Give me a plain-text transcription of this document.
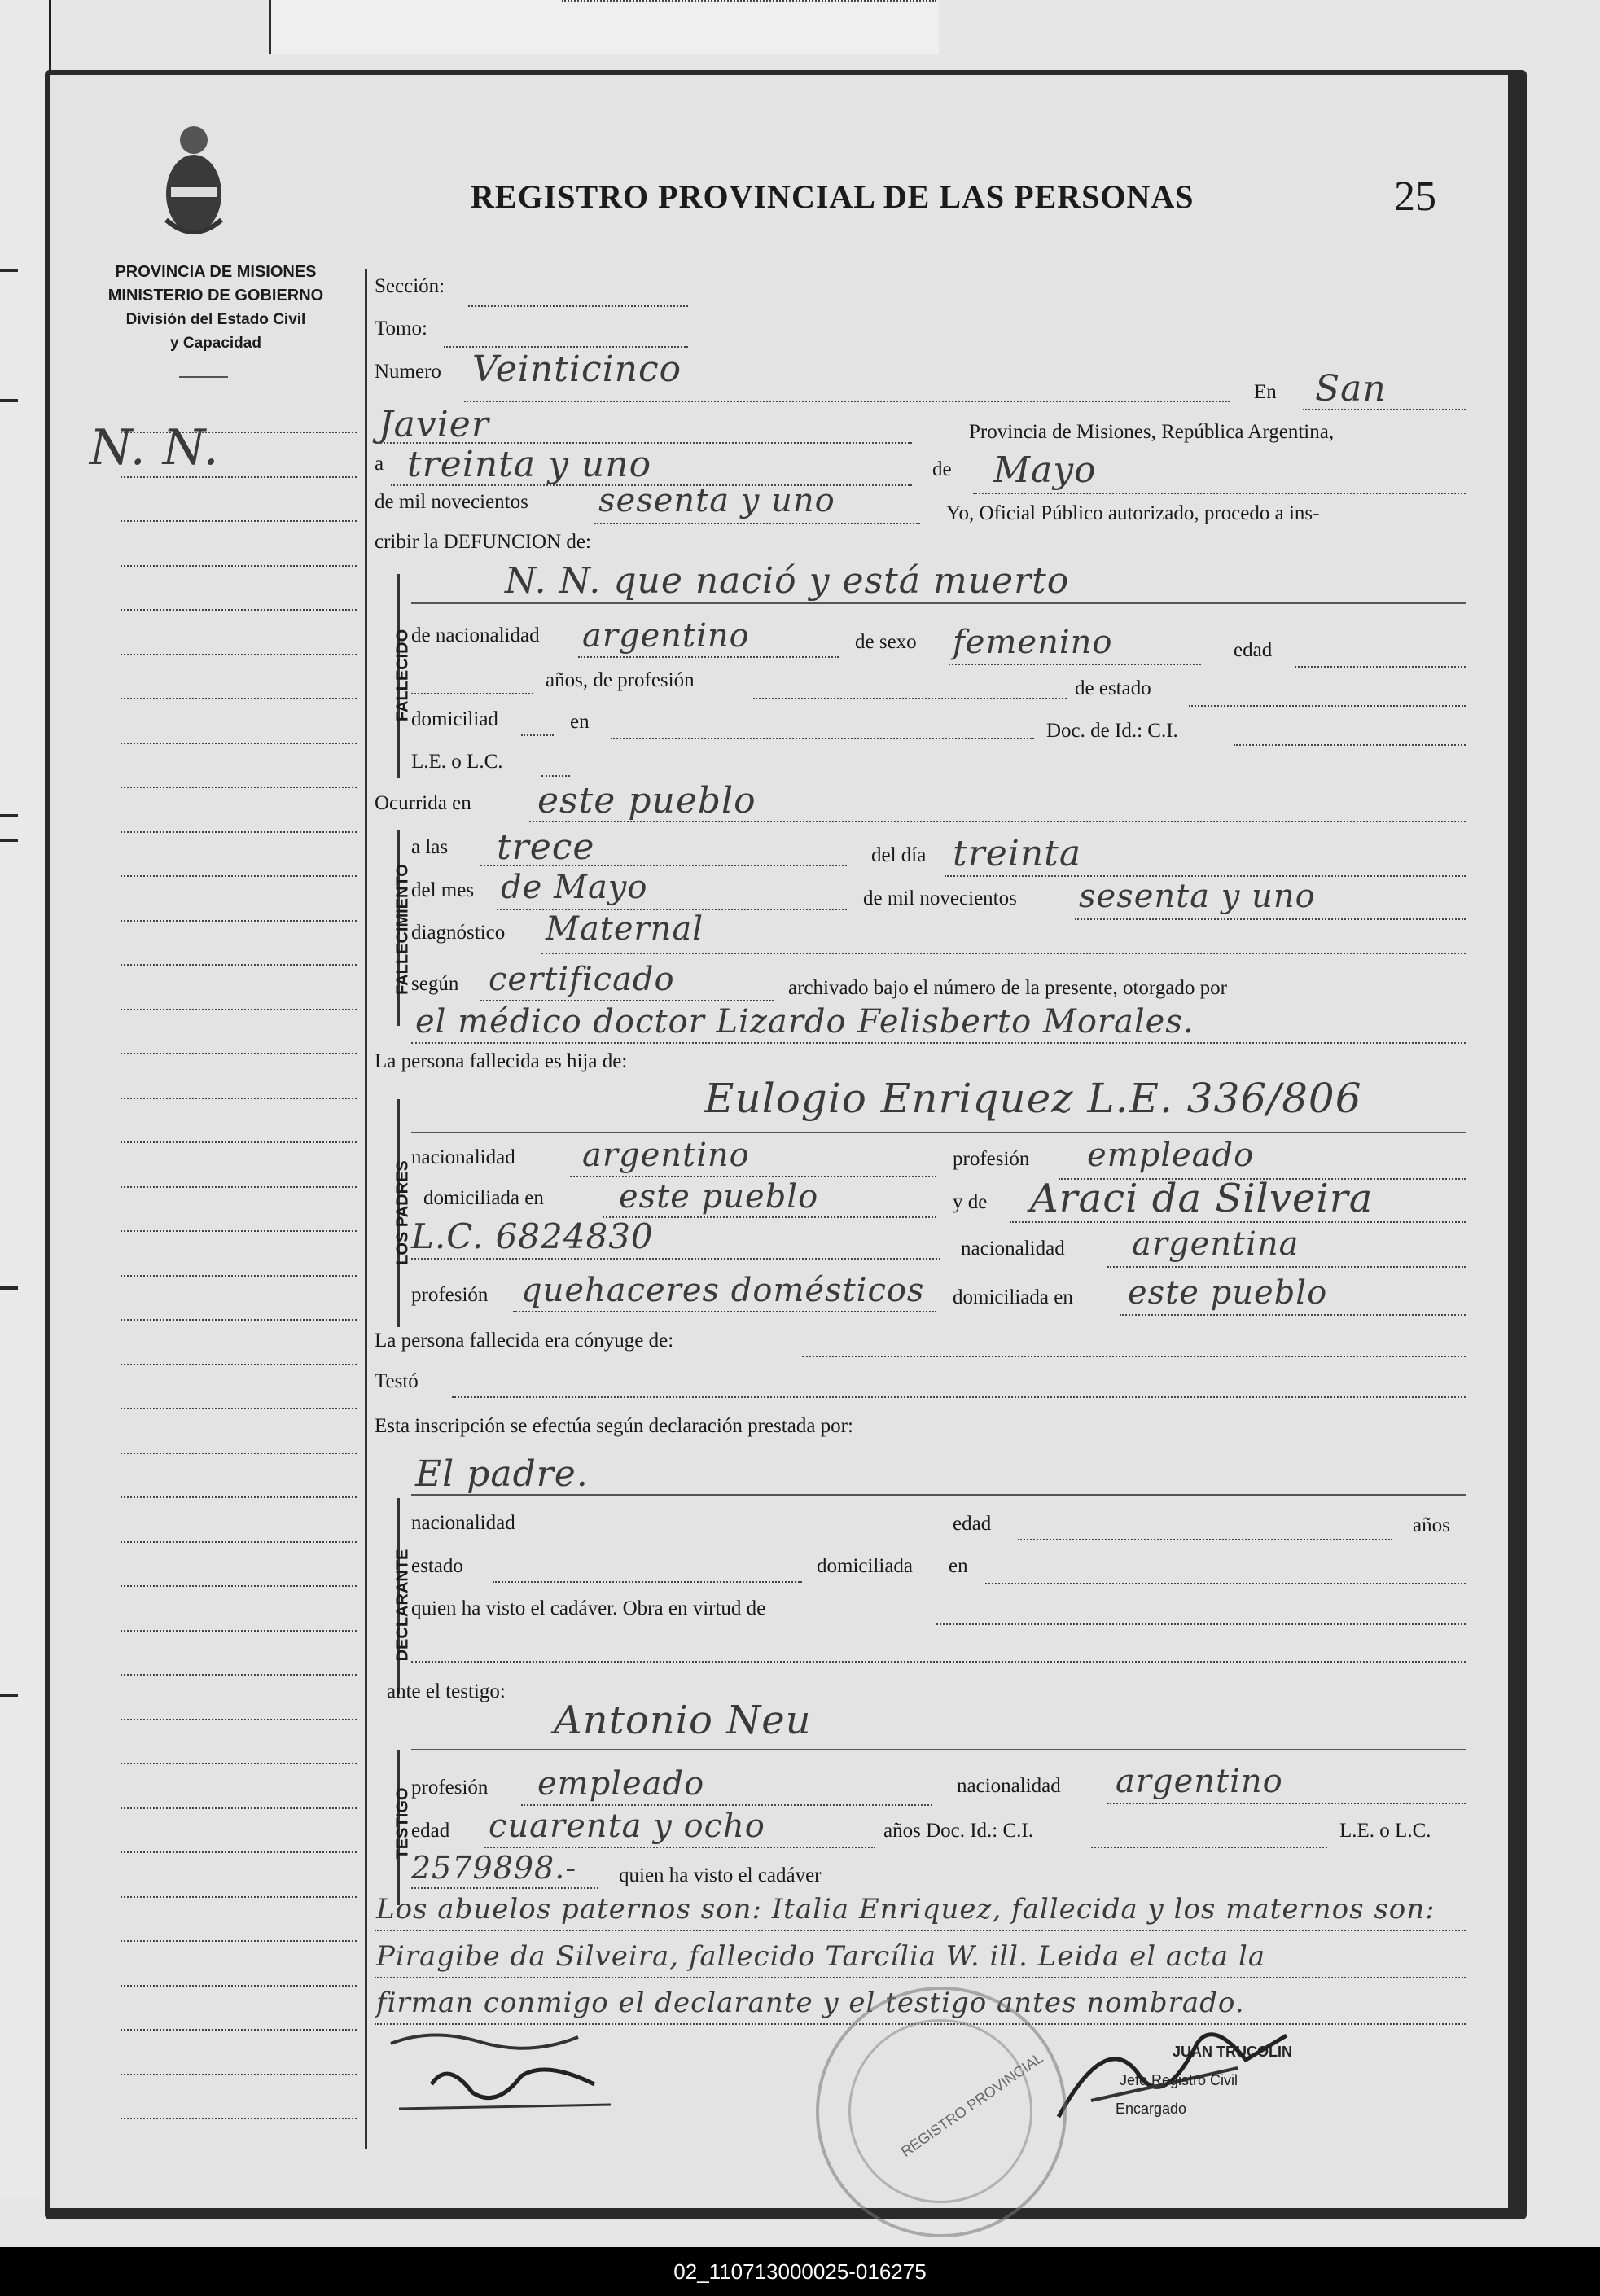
REGISTRO PROVINCIAL DE LAS PERSONAS	25
PROVINCIA DE MISIONES
MINISTERIO DE GOBIERNO
División del Estado Civil
y Capacidad
N. N.
Sección:
Tomo:
Numero Veinticinco
En San
Javier	Provincia de Misiones, República Argentina,
a treinta y uno	de Mayo
de mil novecientos sesenta y uno	Yo, Oficial Público autorizado, procedo a ins-
cribir la DEFUNCION de:
FALLECIDO
N. N. que nació y está muerto
de nacionalidad argentino	de sexo femenino	edad
años, de profesión	de estado
domiciliad	en	Doc. de Id.: C.I.
L.E. o L.C.
Ocurrida en este pueblo
FALLECIMIENTO
a las trece	del día treinta
del mes de Mayo	de mil novecientos sesenta y uno
diagnóstico Maternal
según certificado	archivado bajo el número de la presente, otorgado por
el médico doctor Lizardo Felisberto Morales.
La persona fallecida es hija de:
LOS PADRES
Eulogio Enriquez L.E. 336/806
nacionalidad argentino	profesión empleado
domiciliada en este pueblo	y de Araci da Silveira
L.C. 6824830	nacionalidad argentina
profesión quehaceres domésticos domiciliada en este pueblo
La persona fallecida era cónyuge de:
Testó
Esta inscripción se efectúa según declaración prestada por:
DECLARANTE
El padre.
nacionalidad	edad	años
estado	domiciliada en
quien ha visto el cadáver. Obra en virtud de
ante el testigo:
TESTIGO
Antonio Neu
profesión empleado	nacionalidad argentino
edad cuarenta y ocho	años Doc. Id.: C.I.	L.E. o L.C.
2579898.- quien ha visto el cadáver
Los abuelos paternos son: Italia Enriquez, fallecida y los maternos son:
Piragibe da Silveira, fallecido Tarcília W. ill. Leida el acta la
firman conmigo el declarante y el testigo antes nombrado.
JUAN TRUCOLIN
Jefe Registro Civil
Encargado
REGISTRO PROVINCIAL
02_110713000025-016275
